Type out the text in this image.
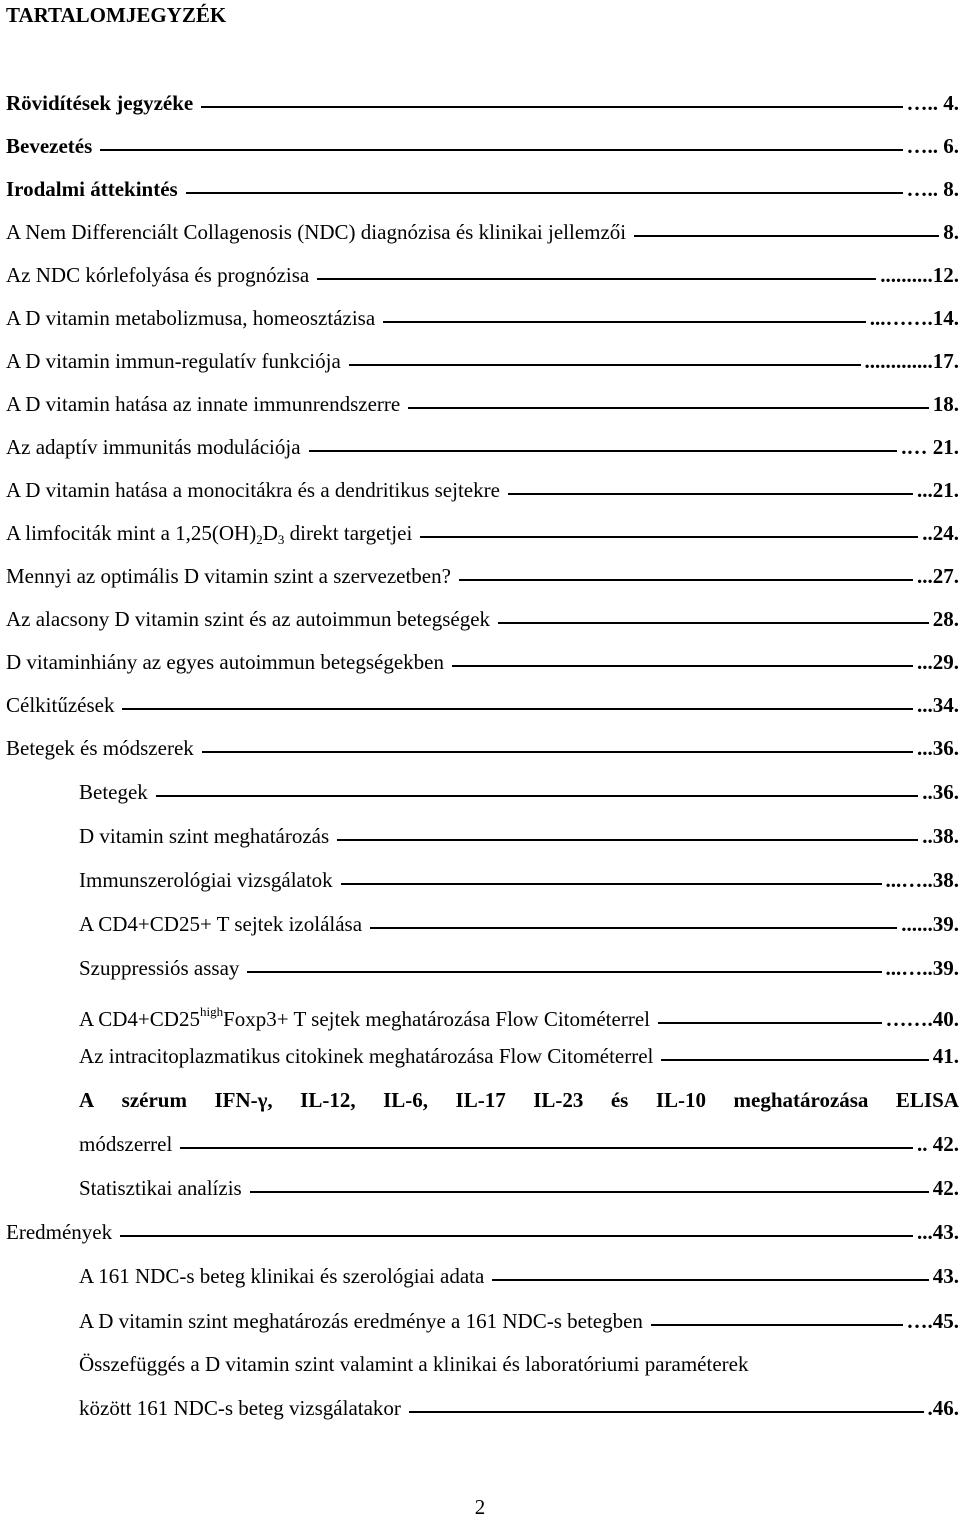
TARTALOMJEGYZÉK
Rövidítések jegyzéke	….. 4.
Bevezetés	….. 6.
Irodalmi áttekintés	….. 8.
A Nem Differenciált Collagenosis (NDC) diagnózisa és klinikai jellemzői	8.
Az NDC kórlefolyása és prognózisa	..........12.
A D vitamin metabolizmusa, homeosztázisa	...…….14.
A D vitamin immun-regulatív funkciója	.............17.
A D vitamin hatása az innate immunrendszerre	18.
Az adaptív immunitás modulációja	.… 21.
A D vitamin hatása a monocitákra és a dendritikus sejtekre	...21.
A limfociták mint a $1,25(OH)_2D_3$ direkt targetjei	..24.
Mennyi az optimális D vitamin szint a szervezetben?	...27.
Az alacsony D vitamin szint és az autoimmun betegségek	28.
D vitaminhiány az egyes autoimmun betegségekben	...29.
Célkitűzések	...34.
Betegek és módszerek	...36.
Betegek	..36.
D vitamin szint meghatározás	..38.
Immunszerológiai vizsgálatok	...…..38.
A CD4+CD25+ T sejtek izolálása	......39.
Szuppressiós assay	...…..39.
A $CD4+CD25^{high}Foxp3+ T$ sejtek meghatározása Flow Citométerrel	…….40.
Az intracitoplazmatikus citokinek meghatározása Flow Citométerrel	41.
A szérum IFN-γ, IL-12, IL-6, IL-17 IL-23 és IL-10 meghatározása ELISA
módszerrel	.. 42.
Statisztikai analízis	42.
Eredmények	...43.
A 161 NDC-s beteg klinikai és szerológiai adata	43.
A D vitamin szint meghatározás eredménye a 161 NDC-s betegben	….45.
Összefüggés a D vitamin szint valamint a klinikai és laboratóriumi paraméterek
között 161 NDC-s beteg vizsgálatakor	.46.
2
